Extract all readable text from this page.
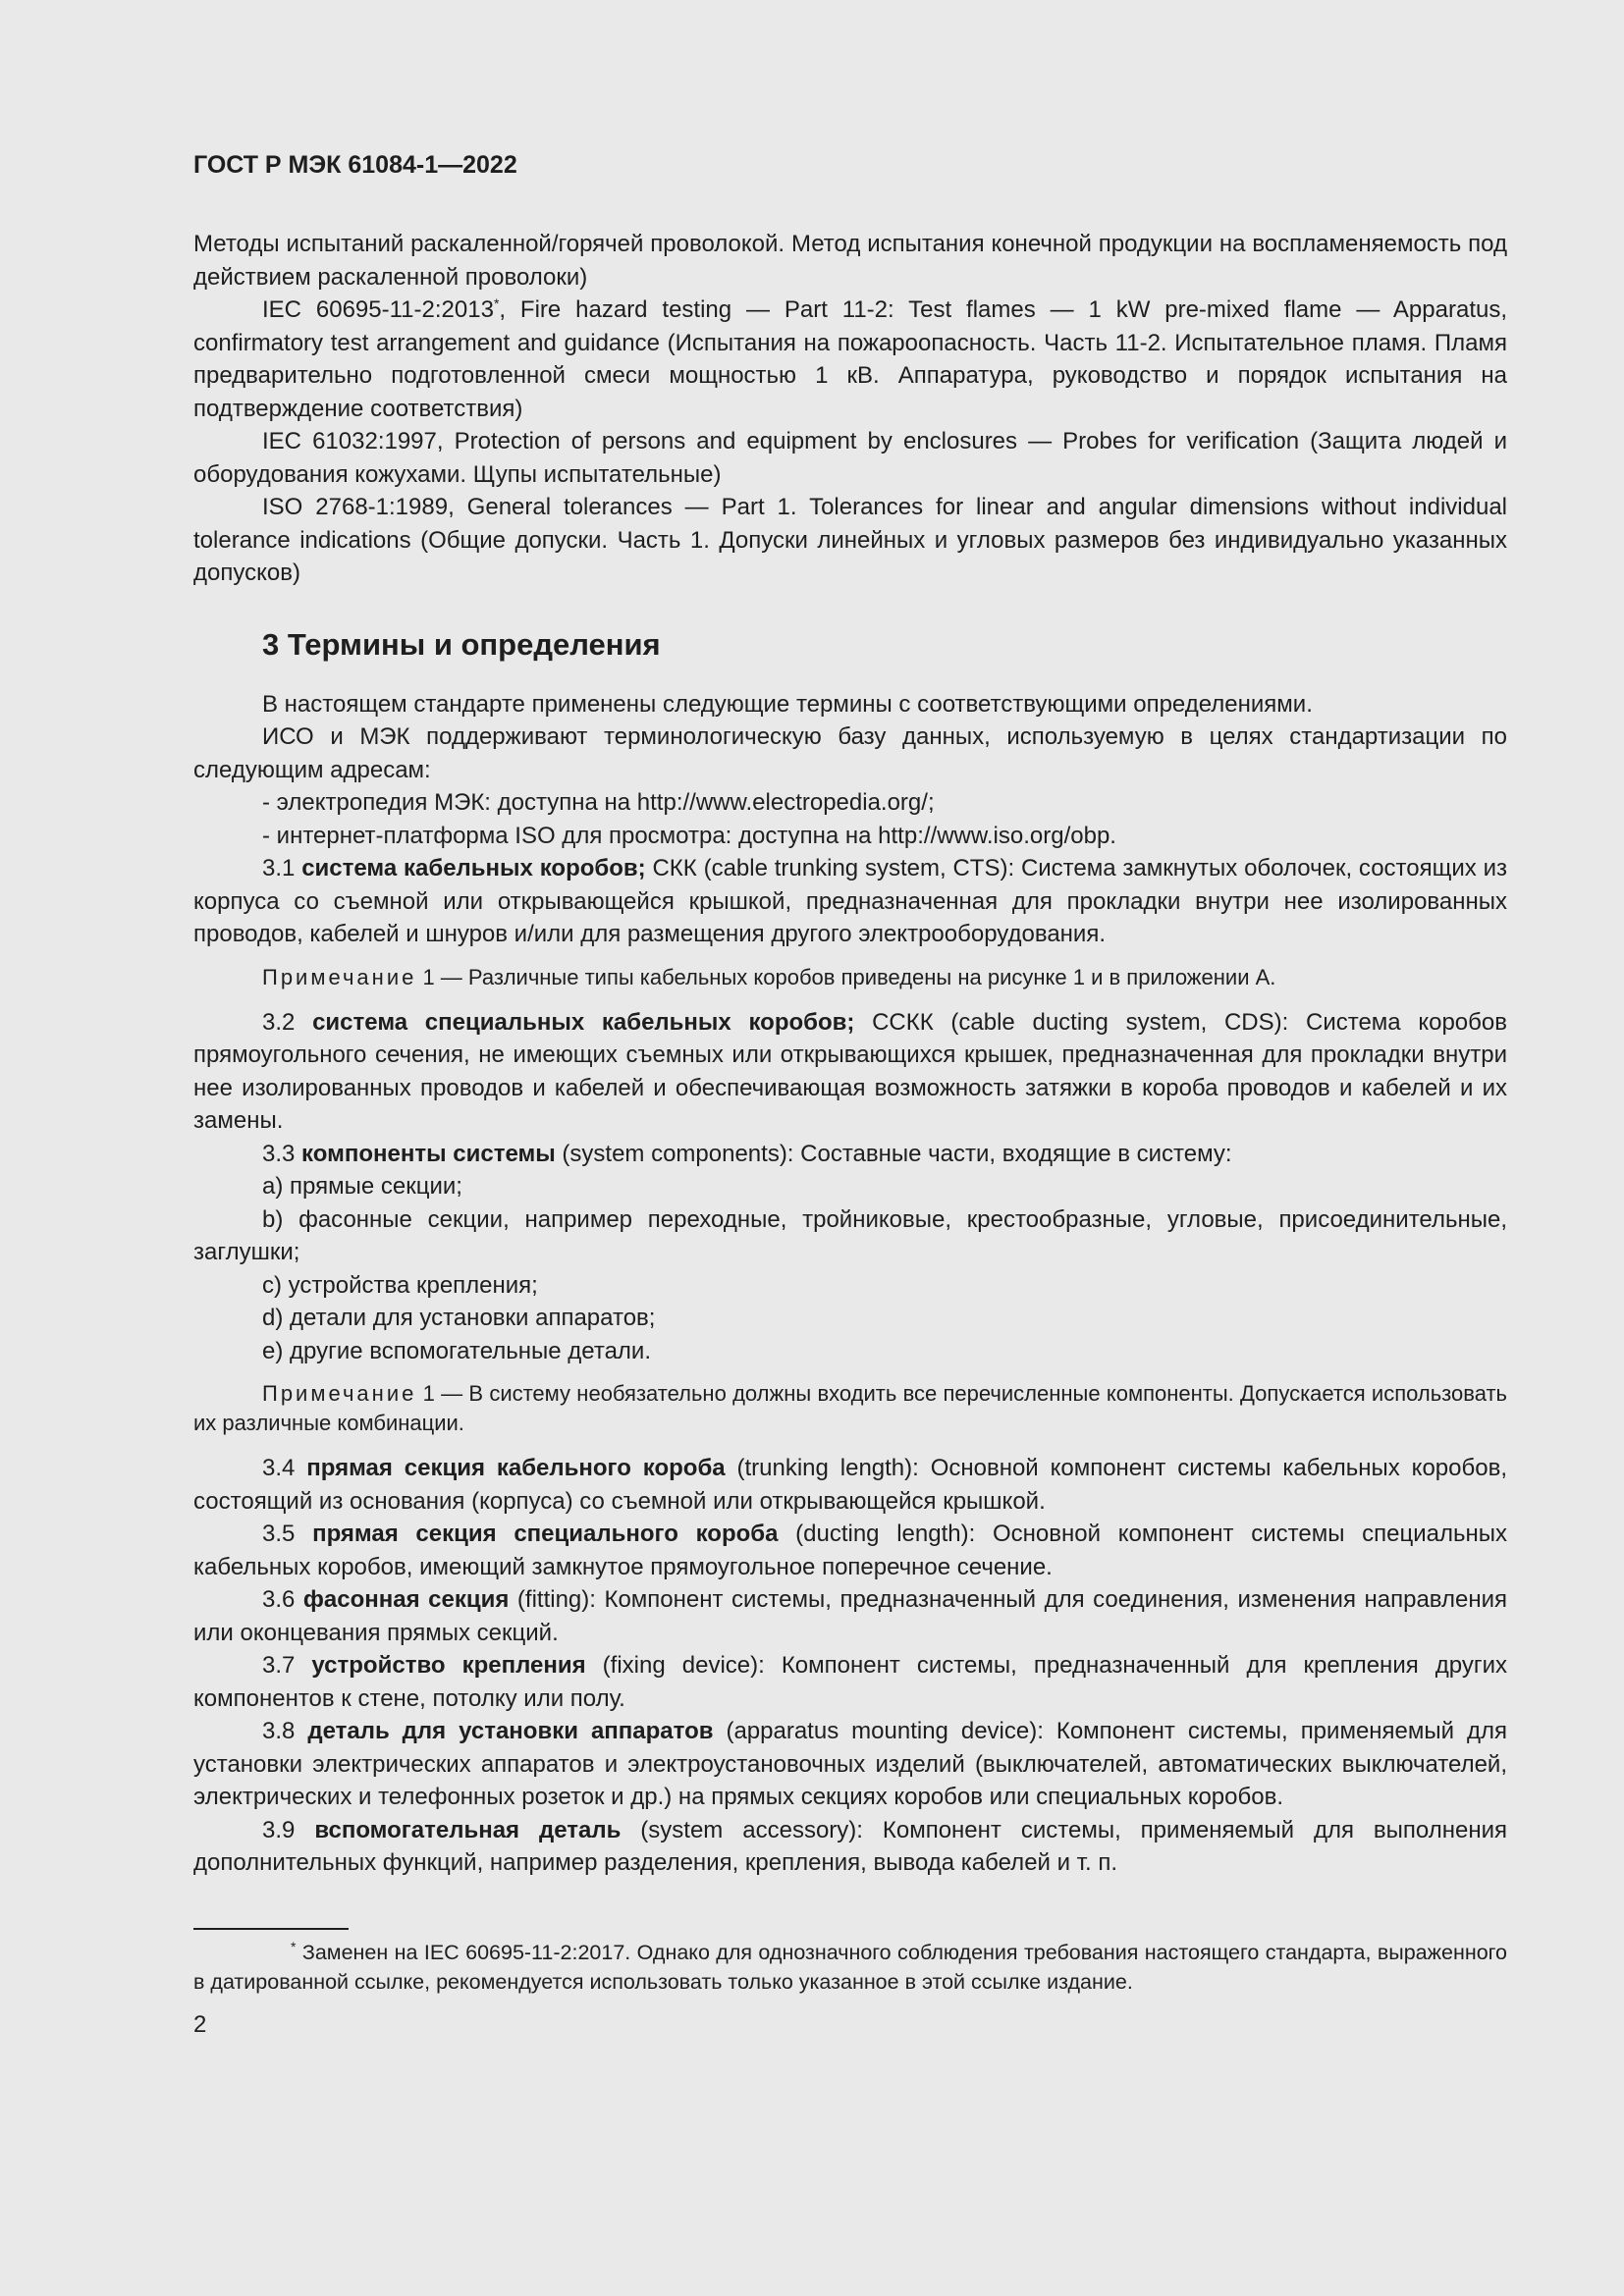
ГОСТ Р МЭК 61084-1—2022

Методы испытаний раскаленной/горячей проволокой. Метод испытания конечной продукции на воспламеняемость под действием раскаленной проволоки)

IEC 60695-11-2:2013*, Fire hazard testing — Part 11-2: Test flames — 1 kW pre-mixed flame — Apparatus, confirmatory test arrangement and guidance (Испытания на пожароопасность. Часть 11-2. Испытательное пламя. Пламя предварительно подготовленной смеси мощностью 1 кВ. Аппаратура, руководство и порядок испытания на подтверждение соответствия)

IEC 61032:1997, Protection of persons and equipment by enclosures — Probes for verification (Защита людей и оборудования кожухами. Щупы испытательные)

ISO 2768-1:1989, General tolerances — Part 1. Tolerances for linear and angular dimensions without individual tolerance indications (Общие допуски. Часть 1. Допуски линейных и угловых размеров без индивидуально указанных допусков)

3 Термины и определения

В настоящем стандарте применены следующие термины с соответствующими определениями.

ИСО и МЭК поддерживают терминологическую базу данных, используемую в целях стандартизации по следующим адресам:

- электропедия МЭК: доступна на http://www.electropedia.org/;

- интернет-платформа ISO для просмотра: доступна на http://www.iso.org/obp.

3.1 система кабельных коробов; СКК (cable trunking system, CTS): Система замкнутых оболочек, состоящих из корпуса со съемной или открывающейся крышкой, предназначенная для прокладки внутри нее изолированных проводов, кабелей и шнуров и/или для размещения другого электрооборудования.

Примечание 1 — Различные типы кабельных коробов приведены на рисунке 1 и в приложении А.

3.2 система специальных кабельных коробов; ССКК (cable ducting system, CDS): Система коробов прямоугольного сечения, не имеющих съемных или открывающихся крышек, предназначенная для прокладки внутри нее изолированных проводов и кабелей и обеспечивающая возможность затяжки в короба проводов и кабелей и их замены.

3.3 компоненты системы (system components): Составные части, входящие в систему:

a) прямые секции;

b) фасонные секции, например переходные, тройниковые, крестообразные, угловые, присоединительные, заглушки;

c) устройства крепления;

d) детали для установки аппаратов;

e) другие вспомогательные детали.

Примечание 1 — В систему необязательно должны входить все перечисленные компоненты. Допускается использовать их различные комбинации.

3.4 прямая секция кабельного короба (trunking length): Основной компонент системы кабельных коробов, состоящий из основания (корпуса) со съемной или открывающейся крышкой.

3.5 прямая секция специального короба (ducting length): Основной компонент системы специальных кабельных коробов, имеющий замкнутое прямоугольное поперечное сечение.

3.6 фасонная секция (fitting): Компонент системы, предназначенный для соединения, изменения направления или оконцевания прямых секций.

3.7 устройство крепления (fixing device): Компонент системы, предназначенный для крепления других компонентов к стене, потолку или полу.

3.8 деталь для установки аппаратов (apparatus mounting device): Компонент системы, применяемый для установки электрических аппаратов и электроустановочных изделий (выключателей, автоматических выключателей, электрических и телефонных розеток и др.) на прямых секциях коробов или специальных коробов.

3.9 вспомогательная деталь (system accessory): Компонент системы, применяемый для выполнения дополнительных функций, например разделения, крепления, вывода кабелей и т. п.

* Заменен на IEC 60695-11-2:2017. Однако для однозначного соблюдения требования настоящего стандарта, выраженного в датированной ссылке, рекомендуется использовать только указанное в этой ссылке издание.

2
